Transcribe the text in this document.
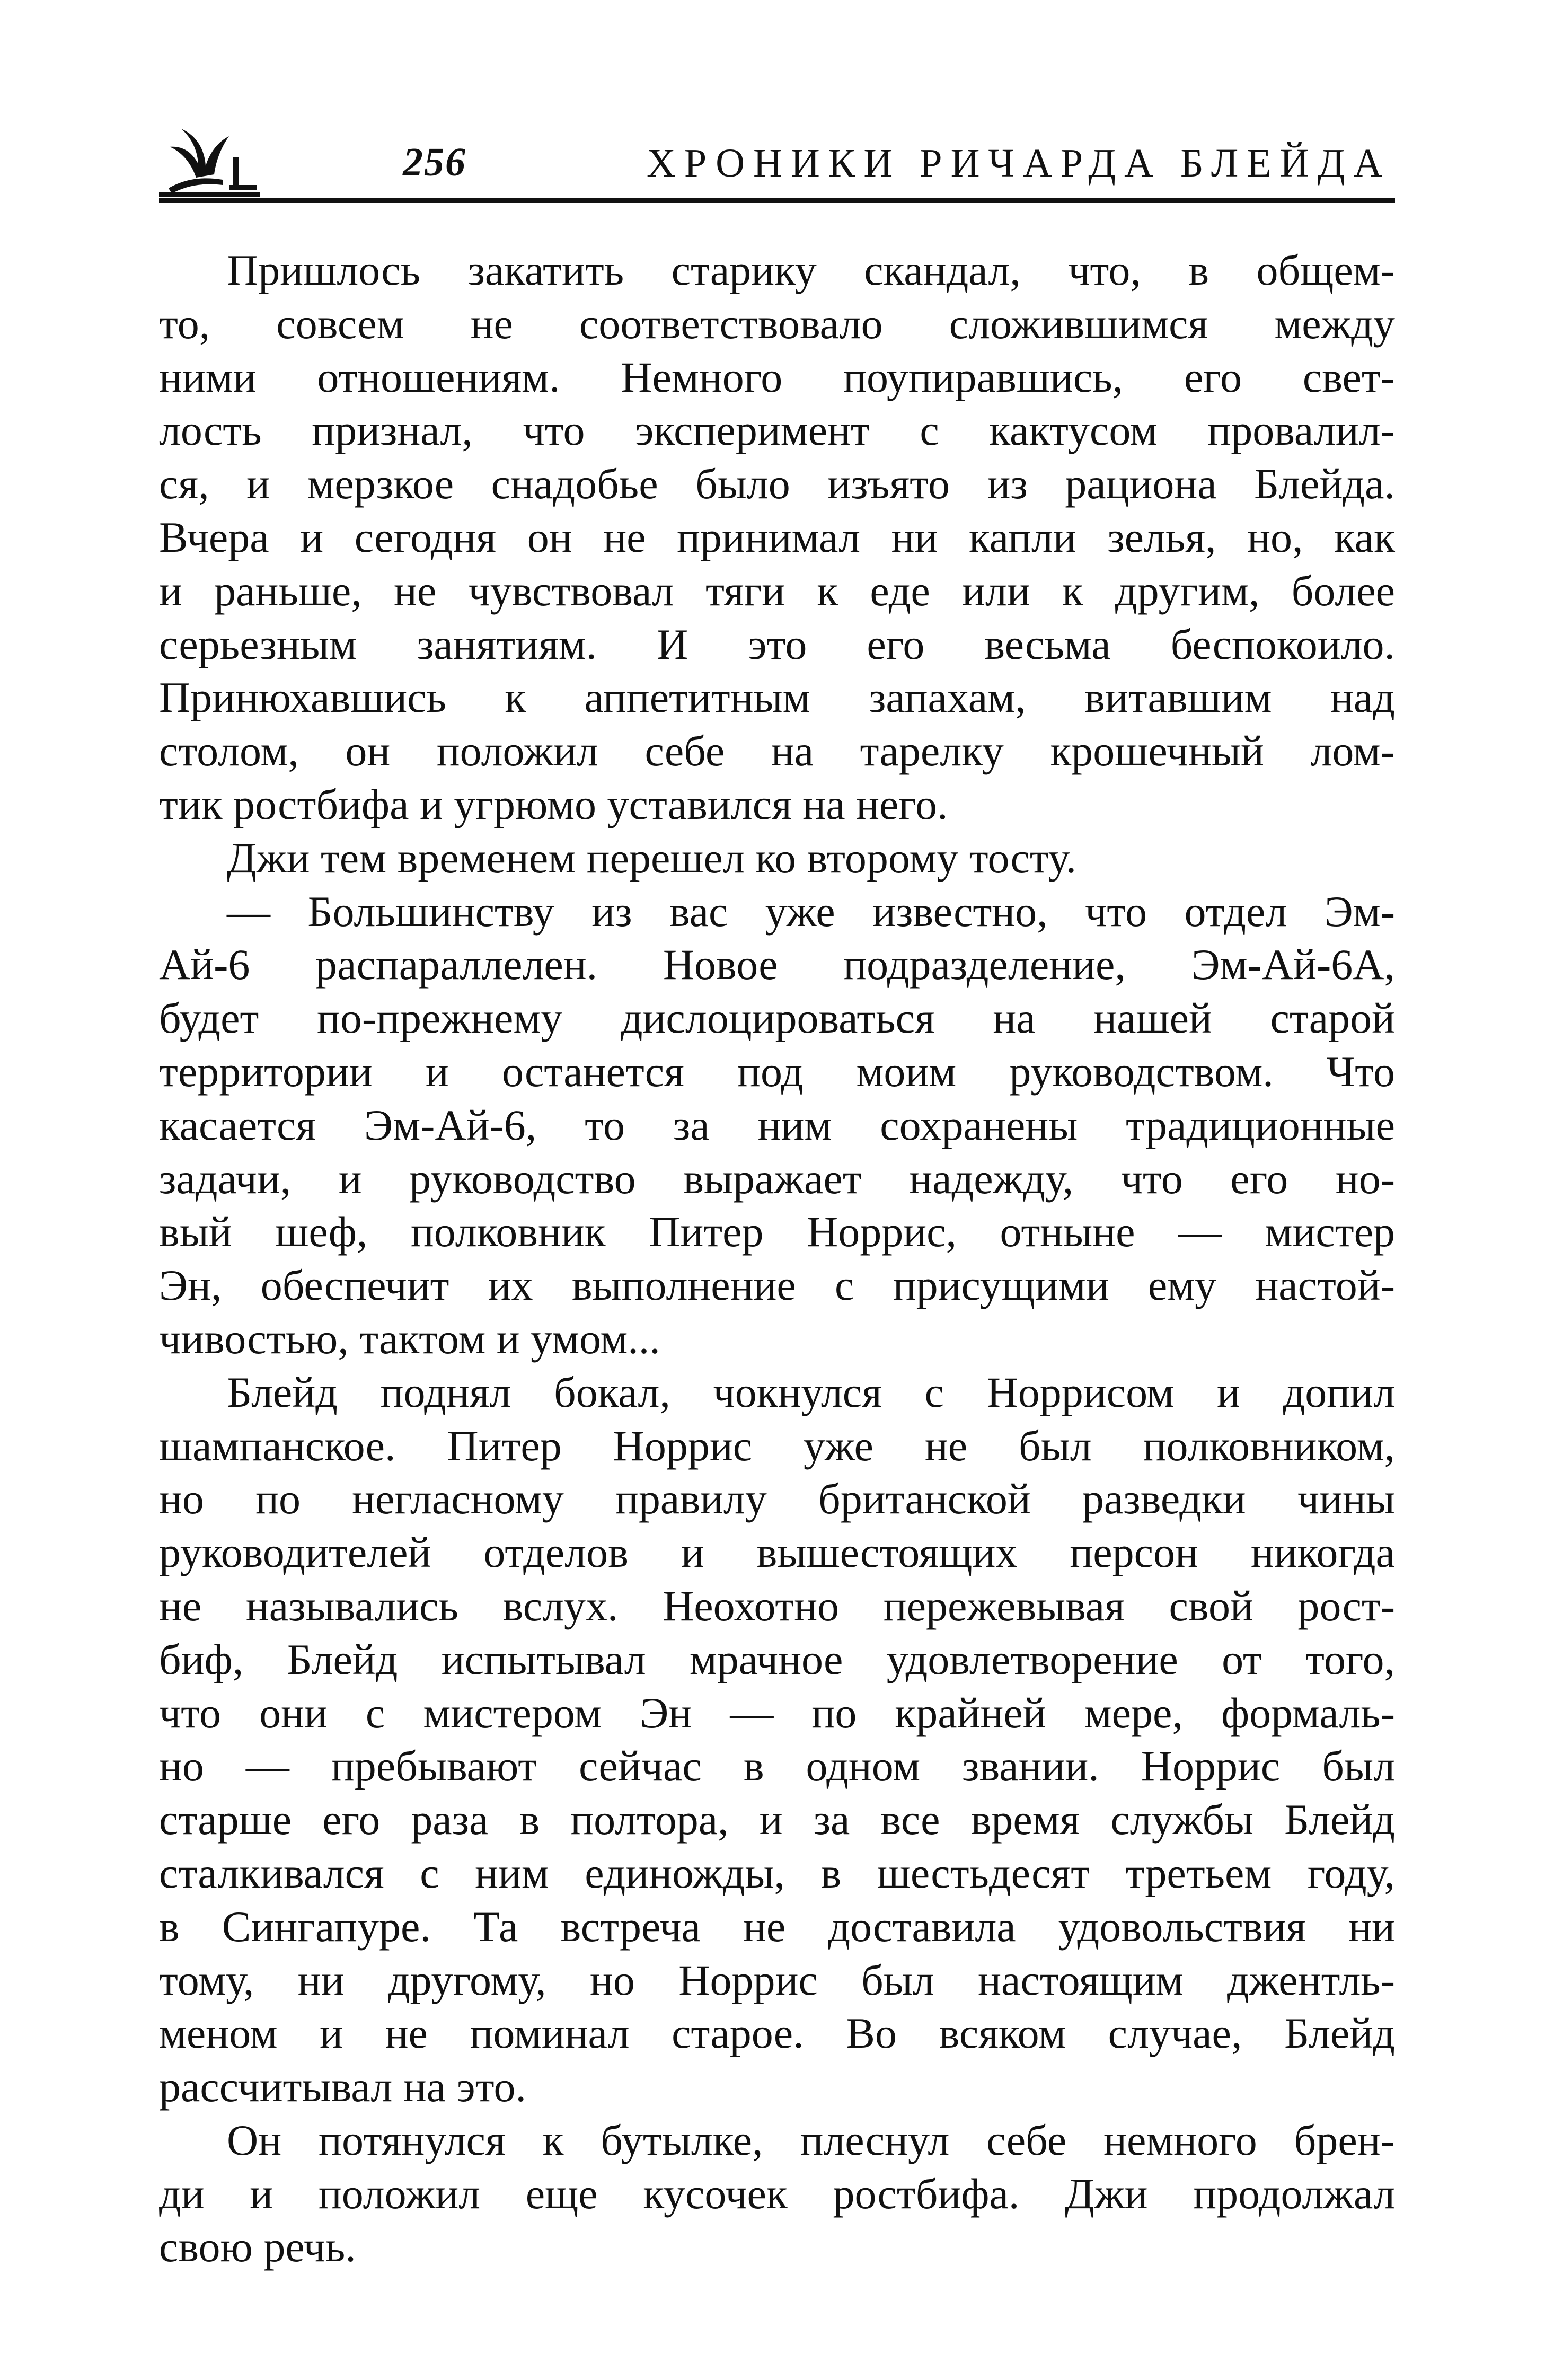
256	ХРОНИКИ РИЧАРДА БЛЕЙДА
Пришлось закатить старику скандал, что, в общем-
то, совсем не соответствовало сложившимся между
ними отношениям. Немного поупиравшись, его свет-
лость признал, что эксперимент с кактусом провалил-
ся, и мерзкое снадобье было изъято из рациона Блейда.
Вчера и сегодня он не принимал ни капли зелья, но, как
и раньше, не чувствовал тяги к еде или к другим, более
серьезным занятиям. И это его весьма беспокоило.
Принюхавшись к аппетитным запахам, витавшим над
столом, он положил себе на тарелку крошечный лом-
тик ростбифа и угрюмо уставился на него.
Джи тем временем перешел ко второму тосту.
— Большинству из вас уже известно, что отдел Эм-
Ай-6 распараллелен. Новое подразделение, Эм-Ай-6А,
будет по-прежнему дислоцироваться на нашей старой
территории и останется под моим руководством. Что
касается Эм-Ай-6, то за ним сохранены традиционные
задачи, и руководство выражает надежду, что его но-
вый шеф, полковник Питер Норрис, отныне — мистер
Эн, обеспечит их выполнение с присущими ему настой-
чивостью, тактом и умом...
Блейд поднял бокал, чокнулся с Норрисом и допил
шампанское. Питер Норрис уже не был полковником,
но по негласному правилу британской разведки чины
руководителей отделов и вышестоящих персон никогда
не назывались вслух. Неохотно пережевывая свой рост-
биф, Блейд испытывал мрачное удовлетворение от того,
что они с мистером Эн — по крайней мере, формаль-
но — пребывают сейчас в одном звании. Норрис был
старше его раза в полтора, и за все время службы Блейд
сталкивался с ним единожды, в шестьдесят третьем году,
в Сингапуре. Та встреча не доставила удовольствия ни
тому, ни другому, но Норрис был настоящим джентль-
меном и не поминал старое. Во всяком случае, Блейд
рассчитывал на это.
Он потянулся к бутылке, плеснул себе немного брен-
ди и положил еще кусочек ростбифа. Джи продолжал
свою речь.
